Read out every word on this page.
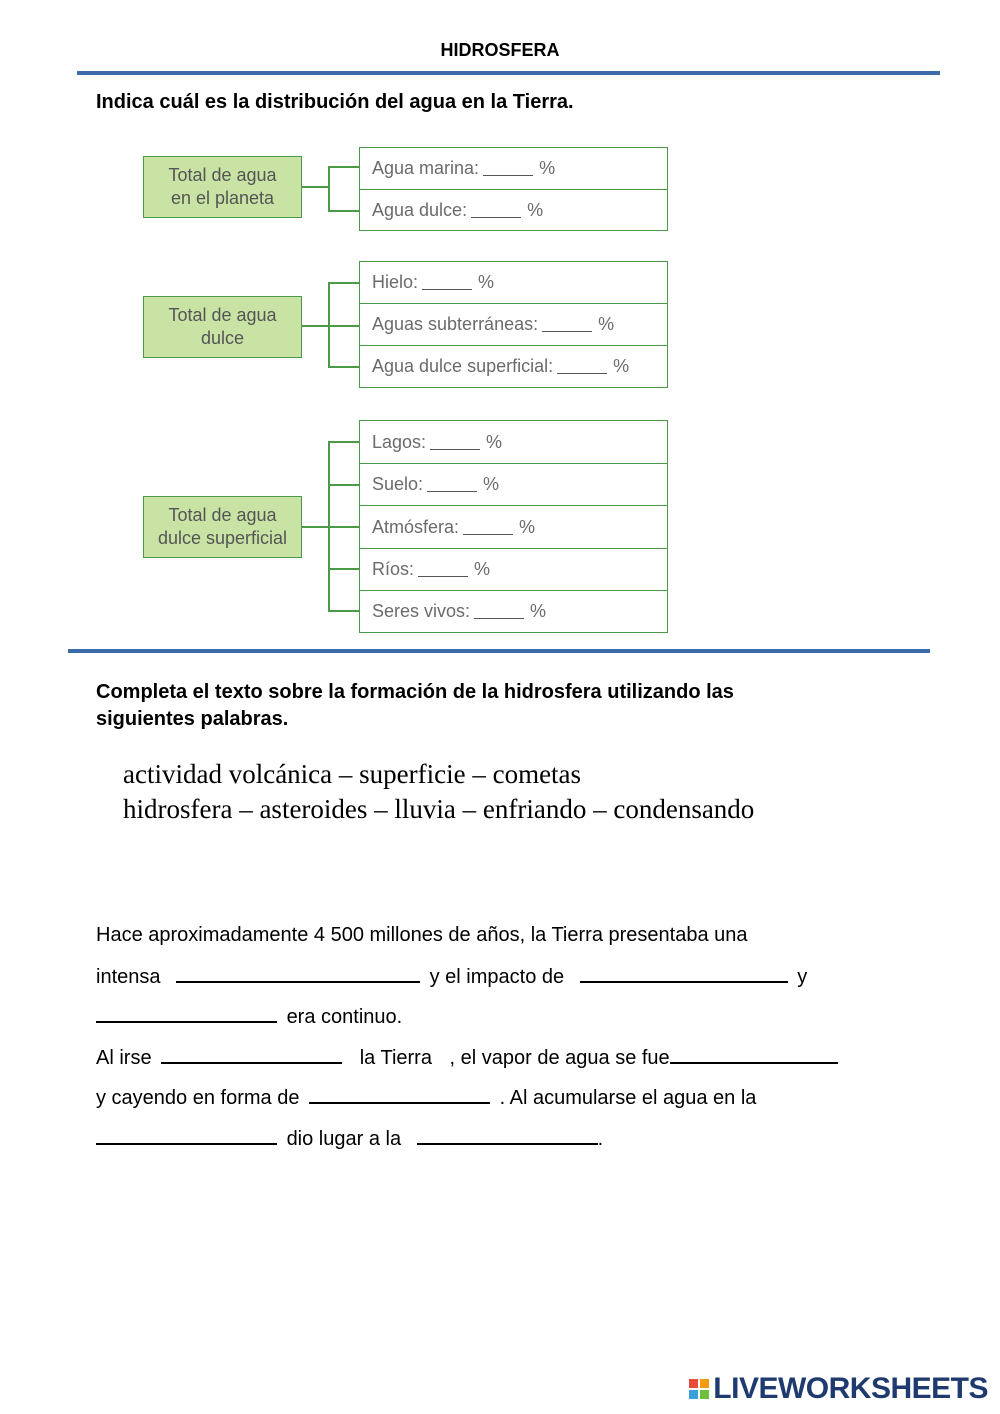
HIDROSFERA
Indica cuál es la distribución del agua en la Tierra.
Total de agua
en el planeta
Agua marina:	%
Agua dulce:	%
Total de agua
dulce
Hielo:	%
Aguas subterráneas:	%
Agua dulce superficial:	%
Total de agua
dulce superficial
Lagos:	%
Suelo:	%
Atmósfera:	%
Ríos:	%
Seres vivos:	%
Completa el texto sobre la formación de la hidrosfera utilizando las
siguientes palabras.
actividad volcánica – superficie – cometas
hidrosfera – asteroides – lluvia – enfriando – condensando
Hace aproximadamente 4 500 millones de años, la Tierra presentaba una
intensa	y el impacto de	y
era continuo.
Al irse	la Tierra , el vapor de agua se fue
y cayendo en forma de	. Al acumularse el agua en la
dio lugar a la	.
LIVEWORKSHEETS
